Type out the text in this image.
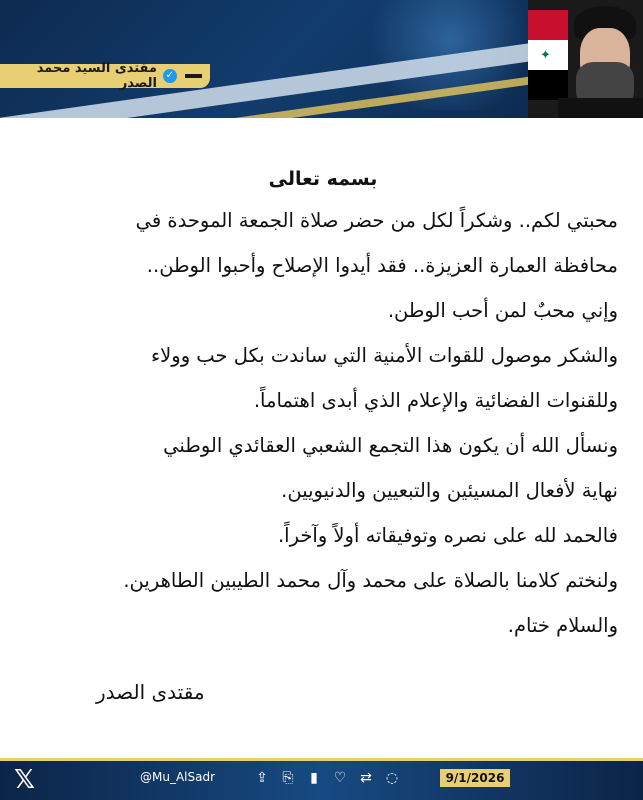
مقتدى السيد محمد الصدر
✓
✦
بسمه تعالى
محبتي لكم.. وشكراً لكل من حضر صلاة الجمعة الموحدة في
محافظة العمارة العزيزة.. فقد أيدوا الإصلاح وأحبوا الوطن..
وإني محبٌ لمن أحب الوطن.
والشكر موصول للقوات الأمنية التي ساندت بكل حب وولاء
وللقنوات الفضائية والإعلام الذي أبدى اهتماماً.
ونسأل الله أن يكون هذا التجمع الشعبي العقائدي الوطني
نهاية لأفعال المسيئين والتبعيين والدنيويين.
فالحمد لله على نصره وتوفيقاته أولاً وآخراً.
ولنختم كلامنا بالصلاة على محمد وآل محمد الطيبين الطاهرين.
والسلام ختام.
مقتدى الصدر
𝕏	@Mu_AlSadr	⇪ ⎘ ▮ ♡ ⇄ ◌	9/1/2026
